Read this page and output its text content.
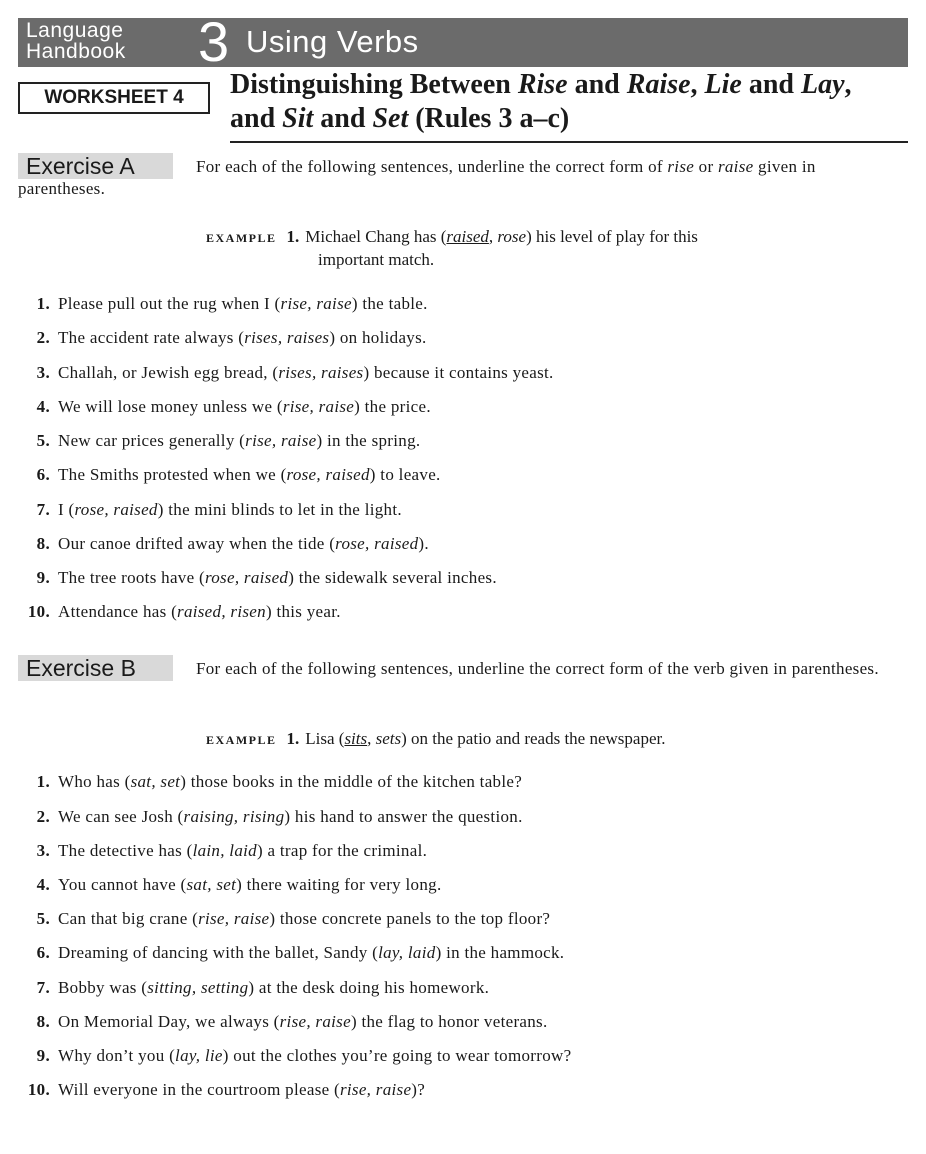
Language
Handbook 3 Using Verbs
WORKSHEET 4	Distinguishing Between Rise and Raise, Lie and Lay, and Sit and Set (Rules 3 a–c)
Exercise A	For each of the following sentences, underline the correct form of rise or raise given in parentheses.
EXAMPLE 1. Michael Chang has (raised, rose) his level of play for this
important match.
1. Please pull out the rug when I (rise, raise) the table.
2. The accident rate always (rises, raises) on holidays.
3. Challah, or Jewish egg bread, (rises, raises) because it contains yeast.
4. We will lose money unless we (rise, raise) the price.
5. New car prices generally (rise, raise) in the spring.
6. The Smiths protested when we (rose, raised) to leave.
7. I (rose, raised) the mini blinds to let in the light.
8. Our canoe drifted away when the tide (rose, raised).
9. The tree roots have (rose, raised) the sidewalk several inches.
10. Attendance has (raised, risen) this year.
Exercise B	For each of the following sentences, underline the correct form of the verb given in parentheses.
EXAMPLE 1. Lisa (sits, sets) on the patio and reads the newspaper.
1. Who has (sat, set) those books in the middle of the kitchen table?
2. We can see Josh (raising, rising) his hand to answer the question.
3. The detective has (lain, laid) a trap for the criminal.
4. You cannot have (sat, set) there waiting for very long.
5. Can that big crane (rise, raise) those concrete panels to the top floor?
6. Dreaming of dancing with the ballet, Sandy (lay, laid) in the hammock.
7. Bobby was (sitting, setting) at the desk doing his homework.
8. On Memorial Day, we always (rise, raise) the flag to honor veterans.
9. Why don’t you (lay, lie) out the clothes you’re going to wear tomorrow?
10. Will everyone in the courtroom please (rise, raise)?
